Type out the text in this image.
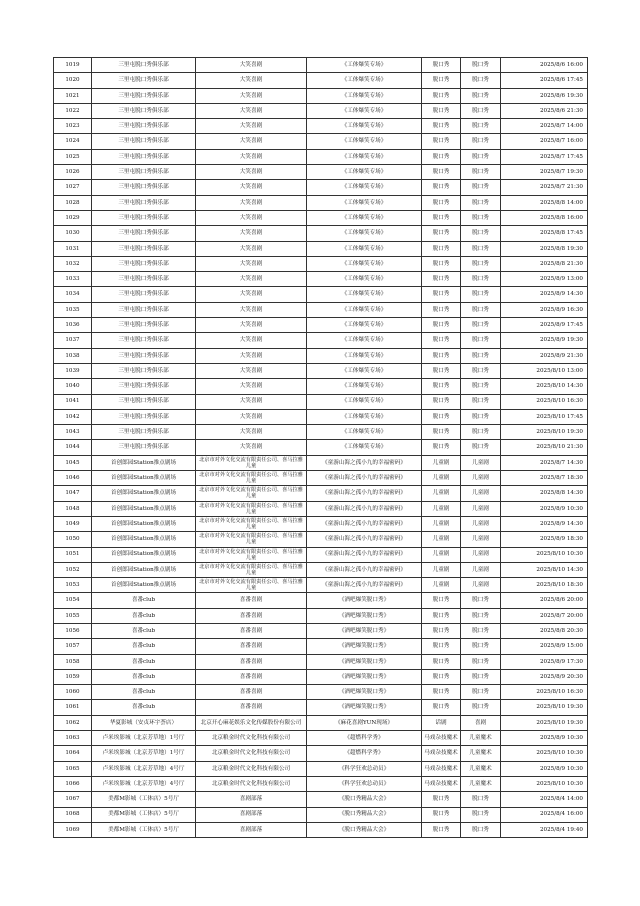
1019	三里屯脱口秀俱乐部	大笑喜剧	《工体爆笑专场》	脱口秀	脱口秀	2025/8/6 16:00
1020	三里屯脱口秀俱乐部	大笑喜剧	《工体爆笑专场》	脱口秀	脱口秀	2025/8/6 17:45
1021	三里屯脱口秀俱乐部	大笑喜剧	《工体爆笑专场》	脱口秀	脱口秀	2025/8/6 19:30
1022	三里屯脱口秀俱乐部	大笑喜剧	《工体爆笑专场》	脱口秀	脱口秀	2025/8/6 21:30
1023	三里屯脱口秀俱乐部	大笑喜剧	《工体爆笑专场》	脱口秀	脱口秀	2025/8/7 14:00
1024	三里屯脱口秀俱乐部	大笑喜剧	《工体爆笑专场》	脱口秀	脱口秀	2025/8/7 16:00
1025	三里屯脱口秀俱乐部	大笑喜剧	《工体爆笑专场》	脱口秀	脱口秀	2025/8/7 17:45
1026	三里屯脱口秀俱乐部	大笑喜剧	《工体爆笑专场》	脱口秀	脱口秀	2025/8/7 19:30
1027	三里屯脱口秀俱乐部	大笑喜剧	《工体爆笑专场》	脱口秀	脱口秀	2025/8/7 21:30
1028	三里屯脱口秀俱乐部	大笑喜剧	《工体爆笑专场》	脱口秀	脱口秀	2025/8/8 14:00
1029	三里屯脱口秀俱乐部	大笑喜剧	《工体爆笑专场》	脱口秀	脱口秀	2025/8/8 16:00
1030	三里屯脱口秀俱乐部	大笑喜剧	《工体爆笑专场》	脱口秀	脱口秀	2025/8/8 17:45
1031	三里屯脱口秀俱乐部	大笑喜剧	《工体爆笑专场》	脱口秀	脱口秀	2025/8/8 19:30
1032	三里屯脱口秀俱乐部	大笑喜剧	《工体爆笑专场》	脱口秀	脱口秀	2025/8/8 21:30
1033	三里屯脱口秀俱乐部	大笑喜剧	《工体爆笑专场》	脱口秀	脱口秀	2025/8/9 13:00
1034	三里屯脱口秀俱乐部	大笑喜剧	《工体爆笑专场》	脱口秀	脱口秀	2025/8/9 14:30
1035	三里屯脱口秀俱乐部	大笑喜剧	《工体爆笑专场》	脱口秀	脱口秀	2025/8/9 16:30
1036	三里屯脱口秀俱乐部	大笑喜剧	《工体爆笑专场》	脱口秀	脱口秀	2025/8/9 17:45
1037	三里屯脱口秀俱乐部	大笑喜剧	《工体爆笑专场》	脱口秀	脱口秀	2025/8/9 19:30
1038	三里屯脱口秀俱乐部	大笑喜剧	《工体爆笑专场》	脱口秀	脱口秀	2025/8/9 21:30
1039	三里屯脱口秀俱乐部	大笑喜剧	《工体爆笑专场》	脱口秀	脱口秀	2025/8/10 13:00
1040	三里屯脱口秀俱乐部	大笑喜剧	《工体爆笑专场》	脱口秀	脱口秀	2025/8/10 14:30
1041	三里屯脱口秀俱乐部	大笑喜剧	《工体爆笑专场》	脱口秀	脱口秀	2025/8/10 16:30
1042	三里屯脱口秀俱乐部	大笑喜剧	《工体爆笑专场》	脱口秀	脱口秀	2025/8/10 17:45
1043	三里屯脱口秀俱乐部	大笑喜剧	《工体爆笑专场》	脱口秀	脱口秀	2025/8/10 19:30
1044	三里屯脱口秀俱乐部	大笑喜剧	《工体爆笑专场》	脱口秀	脱口秀	2025/8/10 21:30
1045	首创郎园Station推点剧场	北京市对外文化交流有限责任公司、喜马拉雅儿童	《童游山海之孤小九的幸福密码》	儿童剧	儿童剧	2025/8/7 14:30
1046	首创郎园Station推点剧场	北京市对外文化交流有限责任公司、喜马拉雅儿童	《童游山海之孤小九的幸福密码》	儿童剧	儿童剧	2025/8/7 18:30
1047	首创郎园Station推点剧场	北京市对外文化交流有限责任公司、喜马拉雅儿童	《童游山海之孤小九的幸福密码》	儿童剧	儿童剧	2025/8/8 14:30
1048	首创郎园Station推点剧场	北京市对外文化交流有限责任公司、喜马拉雅儿童	《童游山海之孤小九的幸福密码》	儿童剧	儿童剧	2025/8/9 10:30
1049	首创郎园Station推点剧场	北京市对外文化交流有限责任公司、喜马拉雅儿童	《童游山海之孤小九的幸福密码》	儿童剧	儿童剧	2025/8/9 14:30
1050	首创郎园Station推点剧场	北京市对外文化交流有限责任公司、喜马拉雅儿童	《童游山海之孤小九的幸福密码》	儿童剧	儿童剧	2025/8/9 18:30
1051	首创郎园Station推点剧场	北京市对外文化交流有限责任公司、喜马拉雅儿童	《童游山海之孤小九的幸福密码》	儿童剧	儿童剧	2025/8/10 10:30
1052	首创郎园Station推点剧场	北京市对外文化交流有限责任公司、喜马拉雅儿童	《童游山海之孤小九的幸福密码》	儿童剧	儿童剧	2025/8/10 14:30
1053	首创郎园Station推点剧场	北京市对外文化交流有限责任公司、喜马拉雅儿童	《童游山海之孤小九的幸福密码》	儿童剧	儿童剧	2025/8/10 18:30
1054	喜番club	喜番喜剧	《酒吧爆笑脱口秀》	脱口秀	脱口秀	2025/8/6 20:00
1055	喜番club	喜番喜剧	《酒吧爆笑脱口秀》	脱口秀	脱口秀	2025/8/7 20:00
1056	喜番club	喜番喜剧	《酒吧爆笑脱口秀》	脱口秀	脱口秀	2025/8/8 20:30
1057	喜番club	喜番喜剧	《酒吧爆笑脱口秀》	脱口秀	脱口秀	2025/8/9 15:00
1058	喜番club	喜番喜剧	《酒吧爆笑脱口秀》	脱口秀	脱口秀	2025/8/9 17:30
1059	喜番club	喜番喜剧	《酒吧爆笑脱口秀》	脱口秀	脱口秀	2025/8/9 20:30
1060	喜番club	喜番喜剧	《酒吧爆笑脱口秀》	脱口秀	脱口秀	2025/8/10 16:30
1061	喜番club	喜番喜剧	《酒吧爆笑脱口秀》	脱口秀	脱口秀	2025/8/10 19:30
1062	华夏影城（安贞环宇荟店）	北京开心麻花娱乐文化传媒股份有限公司	《麻花喜剧YUN现场》	话剧	喜剧	2025/8/10 19:30
1063	卢米埃影城（北京芳草地）1号厅	北京粮金时代文化科技有限公司	《超燃科学秀》	马戏杂技魔术	儿童魔术	2025/8/9 10:30
1064	卢米埃影城（北京芳草地）1号厅	北京粮金时代文化科技有限公司	《超燃科学秀》	马戏杂技魔术	儿童魔术	2025/8/10 10:30
1065	卢米埃影城（北京芳草地）4号厅	北京粮金时代文化科技有限公司	《科学狂欢总动员》	马戏杂技魔术	儿童魔术	2025/8/9 10:30
1066	卢米埃影城（北京芳草地）4号厅	北京粮金时代文化科技有限公司	《科学狂欢总动员》	马戏杂技魔术	儿童魔术	2025/8/10 10:30
1067	美都M影城（工体店）5号厅	喜剧部落	《脱口秀精品大会》	脱口秀	脱口秀	2025/8/4 14:00
1068	美都M影城（工体店）5号厅	喜剧部落	《脱口秀精品大会》	脱口秀	脱口秀	2025/8/4 16:00
1069	美都M影城（工体店）5号厅	喜剧部落	《脱口秀精品大会》	脱口秀	脱口秀	2025/8/4 19:40
